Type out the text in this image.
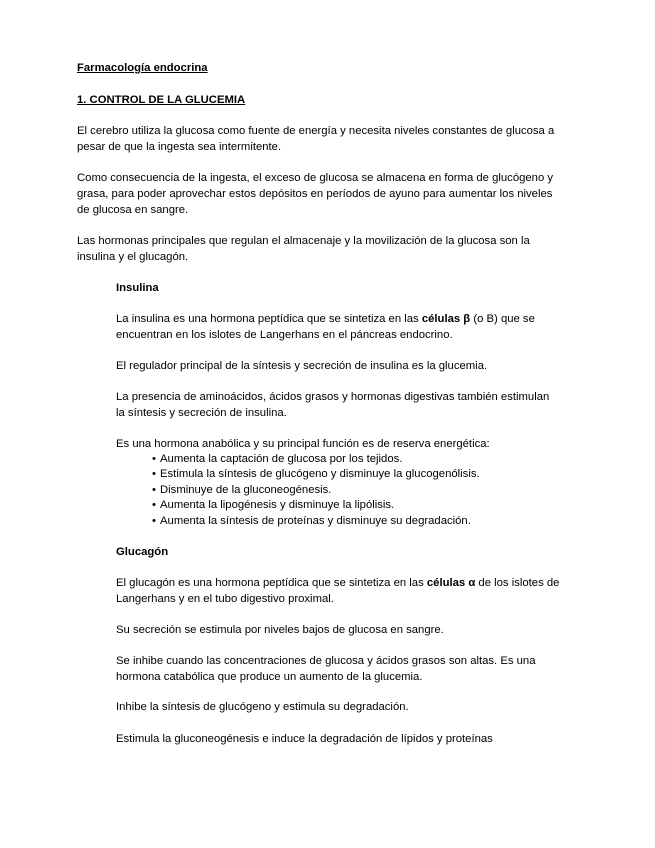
Farmacología endocrina
1. CONTROL DE LA GLUCEMIA
El cerebro utiliza la glucosa como fuente de energía y necesita niveles constantes de glucosa a
pesar de que la ingesta sea intermitente.
Como consecuencia de la ingesta, el exceso de glucosa se almacena en forma de glucógeno y
grasa, para poder aprovechar estos depósitos en períodos de ayuno para aumentar los niveles
de glucosa en sangre.
Las hormonas principales que regulan el almacenaje y la movilización de la glucosa son la
insulina y el glucagón.
Insulina
La insulina es una hormona peptídica que se sintetiza en las células β (o B) que se
encuentran en los islotes de Langerhans en el páncreas endocrino.
El regulador principal de la síntesis y secreción de insulina es la glucemia.
La presencia de aminoácidos, ácidos grasos y hormonas digestivas también estimulan
la síntesis y secreción de insulina.
Es una hormona anabólica y su principal función es de reserva energética:
• Aumenta la captación de glucosa por los tejidos.
• Estimula la síntesis de glucógeno y disminuye la glucogenólisis.
• Disminuye de la gluconeogénesis.
• Aumenta la lipogénesis y disminuye la lipólisis.
• Aumenta la síntesis de proteínas y disminuye su degradación.
Glucagón
El glucagón es una hormona peptídica que se sintetiza en las células α de los islotes de
Langerhans y en el tubo digestivo proximal.
Su secreción se estimula por niveles bajos de glucosa en sangre.
Se inhibe cuando las concentraciones de glucosa y ácidos grasos son altas. Es una
hormona catabólica que produce un aumento de la glucemia.
Inhibe la síntesis de glucógeno y estimula su degradación.
Estimula la gluconeogénesis e induce la degradación de lípidos y proteínas
